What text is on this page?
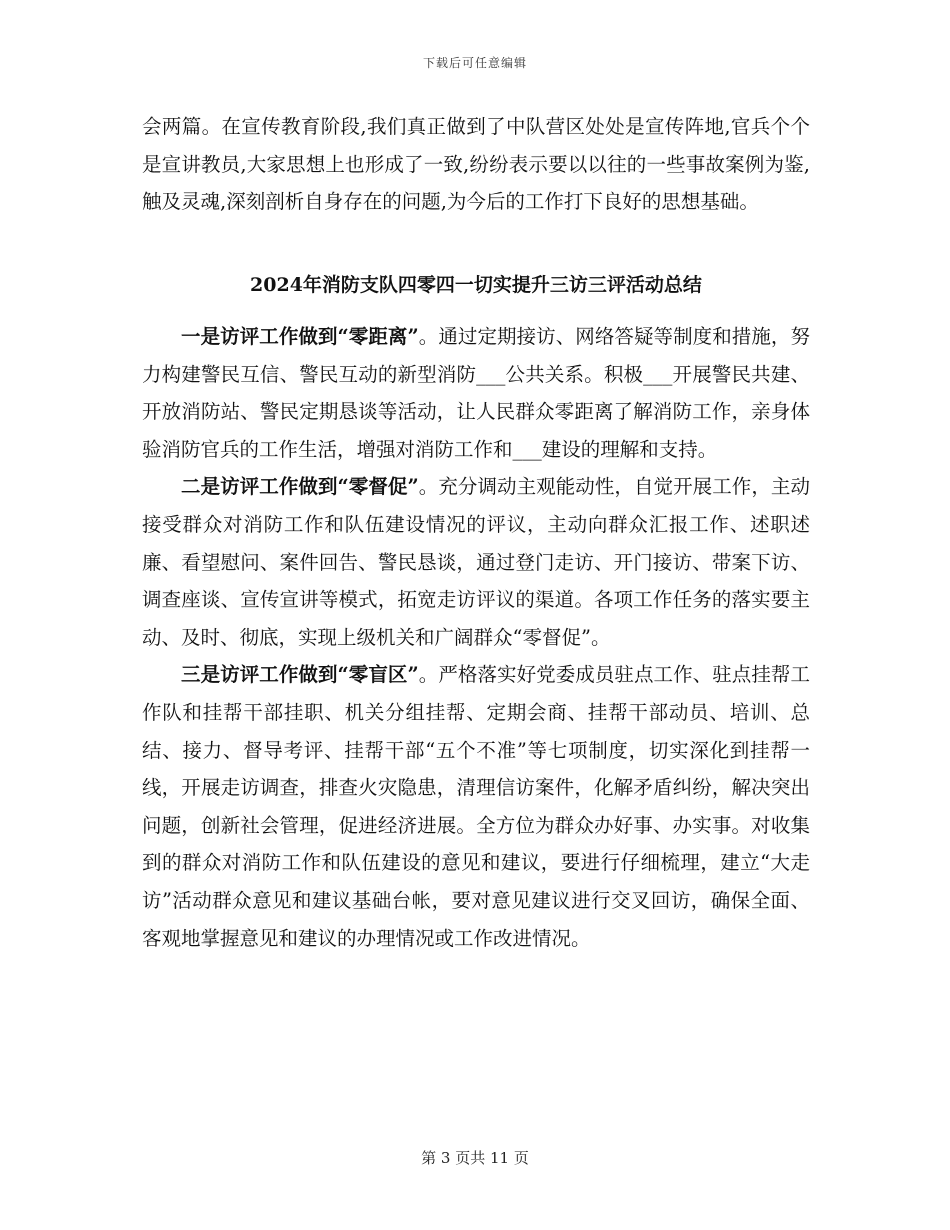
下载后可任意编辑

会两篇。在宣传教育阶段,我们真正做到了中队营区处处是宣传阵地,官兵个个是宣讲教员,大家思想上也形成了一致,纷纷表示要以以往的一些事故案例为鉴,触及灵魂,深刻剖析自身存在的问题,为今后的工作打下良好的思想基础。

2024年消防支队四零四一切实提升三访三评活动总结

一是访评工作做到“零距离”。通过定期接访、网络答疑等制度和措施，努力构建警民互信、警民互动的新型消防___公共关系。积极___开展警民共建、开放消防站、警民定期恳谈等活动，让人民群众零距离了解消防工作，亲身体验消防官兵的工作生活，增强对消防工作和___建设的理解和支持。

二是访评工作做到“零督促”。充分调动主观能动性，自觉开展工作，主动接受群众对消防工作和队伍建设情况的评议，主动向群众汇报工作、述职述廉、看望慰问、案件回告、警民恳谈，通过登门走访、开门接访、带案下访、调查座谈、宣传宣讲等模式，拓宽走访评议的渠道。各项工作任务的落实要主动、及时、彻底，实现上级机关和广阔群众“零督促”。

三是访评工作做到“零盲区”。严格落实好党委成员驻点工作、驻点挂帮工作队和挂帮干部挂职、机关分组挂帮、定期会商、挂帮干部动员、培训、总结、接力、督导考评、挂帮干部“五个不准”等七项制度，切实深化到挂帮一线，开展走访调查，排查火灾隐患，清理信访案件，化解矛盾纠纷，解决突出问题，创新社会管理，促进经济进展。全方位为群众办好事、办实事。对收集到的群众对消防工作和队伍建设的意见和建议，要进行仔细梳理，建立“大走访”活动群众意见和建议基础台帐，要对意见建议进行交叉回访，确保全面、客观地掌握意见和建议的办理情况或工作改进情况。

第 3 页共 11 页
